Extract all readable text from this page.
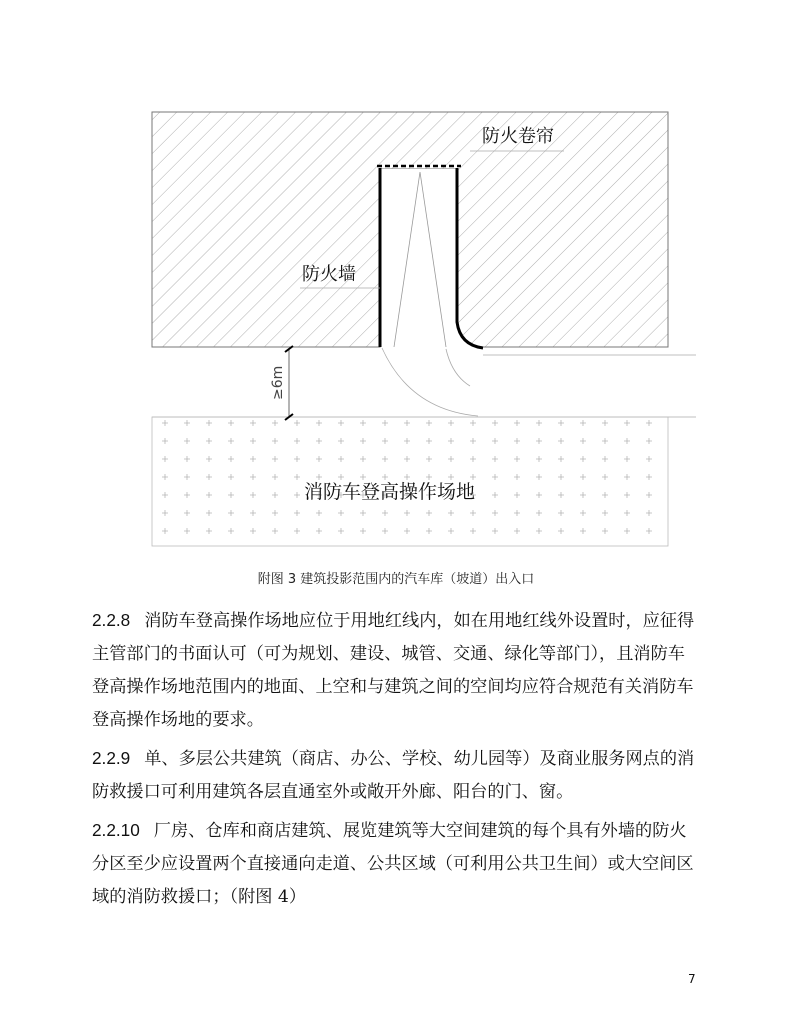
≥6m
防火卷帘
防火墙
消防车登高操作场地
附图 3 建筑投影范围内的汽车库（坡道）出入口

2.2.8 消防车登高操作场地应位于用地红线内，如在用地红线外设置时，应征得主管部门的书面认可（可为规划、建设、城管、交通、绿化等部门），且消防车登高操作场地范围内的地面、上空和与建筑之间的空间均应符合规范有关消防车登高操作场地的要求。

2.2.9 单、多层公共建筑（商店、办公、学校、幼儿园等）及商业服务网点的消防救援口可利用建筑各层直通室外或敞开外廊、阳台的门、窗。

2.2.10 厂房、仓库和商店建筑、展览建筑等大空间建筑的每个具有外墙的防火分区至少应设置两个直接通向走道、公共区域（可利用公共卫生间）或大空间区域的消防救援口；（附图 4）

7
